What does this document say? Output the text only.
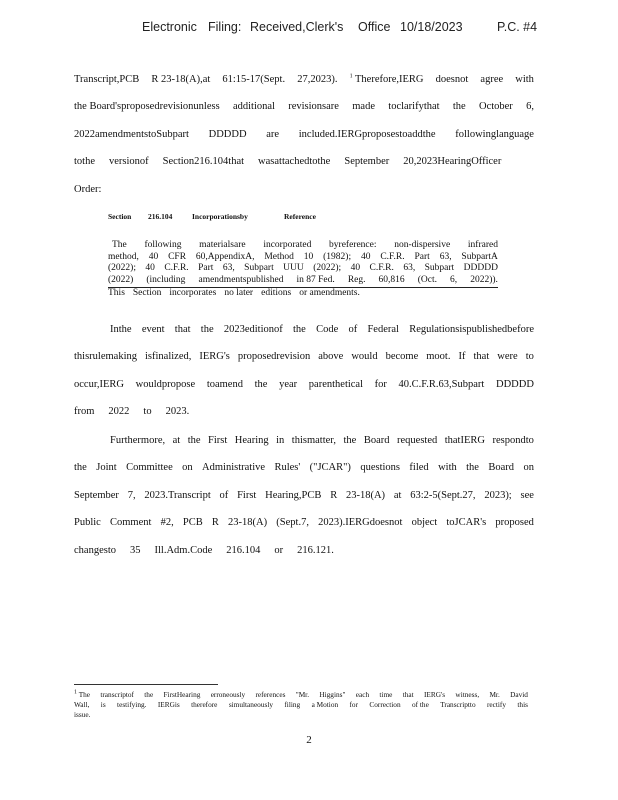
Electronic Filing: Received,Clerk's Office 10/18/2023	P.C. #4
Transcript,PCB R 23-18(A),at 61:15-17(Sept. 27,2023). $^1$ Therefore,IERG doesnot agree with
the Board'sproposedrevisionunless additional revisionsare made toclarifythat the October 6,
2022amendmentstoSubpart DDDDD are included.IERGproposestoaddthe followinglanguage
tothe versionof Section216.104that wasattachedtothe September 20,2023HearingOfficer
Order:
Section 216.104	Incorporationsby	Reference
The following materialsare incorporated byreference: non-dispersive infrared
method, 40 CFR 60,AppendixA, Method 10 (1982); 40 C.F.R. Part 63, SubpartA
(2022); 40 C.F.R. Part 63, Subpart UUU (2022); 40 C.F.R. 63, Subpart DDDDD
(2022) (including amendmentspublished in 87 Fed. Reg. 60,816 (Oct. 6, 2022)).
This Section incorporates no later editions or amendments.
Inthe event that the 2023editionof the Code of Federal Regulationsispublishedbefore
thisrulemaking isfinalized, IERG's proposedrevision above would become moot. If that were to
occur,IERG wouldpropose toamend the year parenthetical for 40.C.F.R.63,Subpart DDDDD
from 2022 to 2023.
Furthermore, at the First Hearing in thismatter, the Board requested thatIERG respondto
the Joint Committee on Administrative Rules' ("JCAR") questions filed with the Board on
September 7, 2023.Transcript of First Hearing,PCB R 23-18(A) at 63:2-5(Sept.27, 2023); see
Public Comment #2, PCB R 23-18(A) (Sept.7, 2023).IERGdoesnot object toJCAR's proposed
changesto 35 Ill.Adm.Code 216.104 or 216.121.
$^1$ The transcriptof the FirstHearing erroneously references "Mr. Higgins" each time that IERG's witness, Mr. David
Wall, is testifying. IERGis therefore simultaneously filing a Motion for Correction of the Transcriptto rectify this
issue.
2
